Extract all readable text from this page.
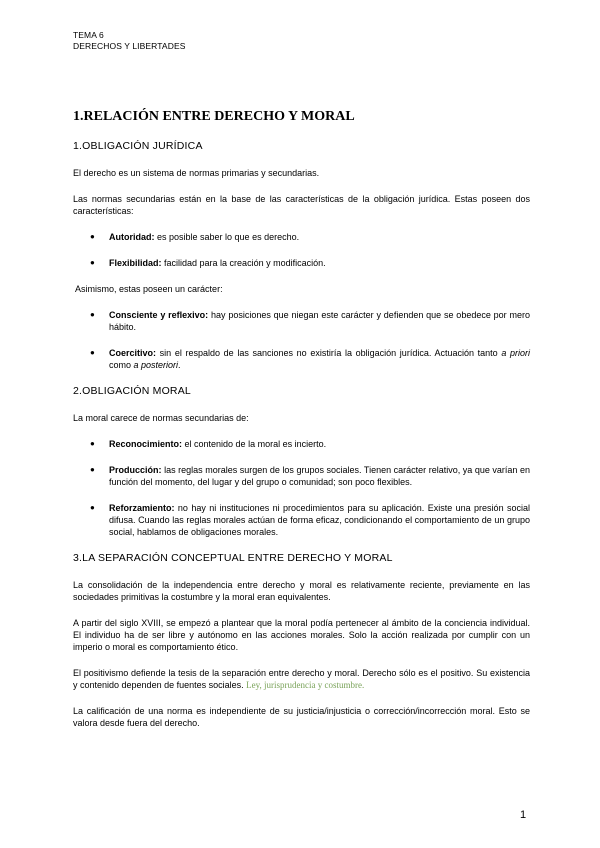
TEMA 6
DERECHOS Y LIBERTADES
1.RELACIÓN ENTRE DERECHO Y MORAL
1.OBLIGACIÓN JURÍDICA

El derecho es un sistema de normas primarias y secundarias.

Las normas secundarias están en la base de las características de la obligación jurídica. Estas poseen dos características:

● Autoridad: es posible saber lo que es derecho.
● Flexibilidad: facilidad para la creación y modificación.

Asimismo, estas poseen un carácter:

● Consciente y reflexivo: hay posiciones que niegan este carácter y defienden que se obedece por mero hábito.
● Coercitivo: sin el respaldo de las sanciones no existiría la obligación jurídica. Actuación tanto a priori como a posteriori.
2.OBLIGACIÓN MORAL

La moral carece de normas secundarias de:

● Reconocimiento: el contenido de la moral es incierto.
● Producción: las reglas morales surgen de los grupos sociales. Tienen carácter relativo, ya que varían en función del momento, del lugar y del grupo o comunidad; son poco flexibles.
● Reforzamiento: no hay ni instituciones ni procedimientos para su aplicación. Existe una presión social difusa. Cuando las reglas morales actúan de forma eficaz, condicionando el comportamiento de un grupo social, hablamos de obligaciones morales.
3.LA SEPARACIÓN CONCEPTUAL ENTRE DERECHO Y MORAL

La consolidación de la independencia entre derecho y moral es relativamente reciente, previamente en las sociedades primitivas la costumbre y la moral eran equivalentes.

A partir del siglo XVIII, se empezó a plantear que la moral podía pertenecer al ámbito de la conciencia individual. El individuo ha de ser libre y autónomo en las acciones morales. Solo la acción realizada por cumplir con un imperio o moral es comportamiento ético.

El positivismo defiende la tesis de la separación entre derecho y moral. Derecho sólo es el positivo. Su existencia y contenido dependen de fuentes sociales. Ley, jurisprudencia y costumbre.

La calificación de una norma es independiente de su justicia/injusticia o corrección/incorrección moral. Esto se valora desde fuera del derecho.

1
